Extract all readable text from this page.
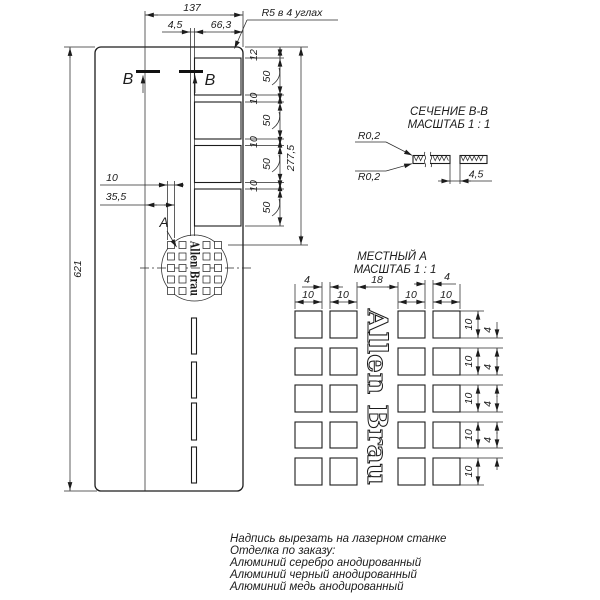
Allen Brau
621
137
4,5	66,3
R5 в 4 углах
В	В
10
35,5
A
12
50
10
50
10
50
10
50
277,5
СЕЧЕНИЕ В-В
МАСШТАБ 1 : 1
R0,2
R0,2	4,5
МЕСТНЫЙ А
МАСШТАБ 1 : 1
Allen Brau
4	18	4
10 10	10 10
10
10
10
10
10
4
4
4
4
Надпись вырезать на лазерном станке
Отделка по заказу:
Алюминий серебро анодированный
Алюминий черный анодированный
Алюминий медь анодированный
